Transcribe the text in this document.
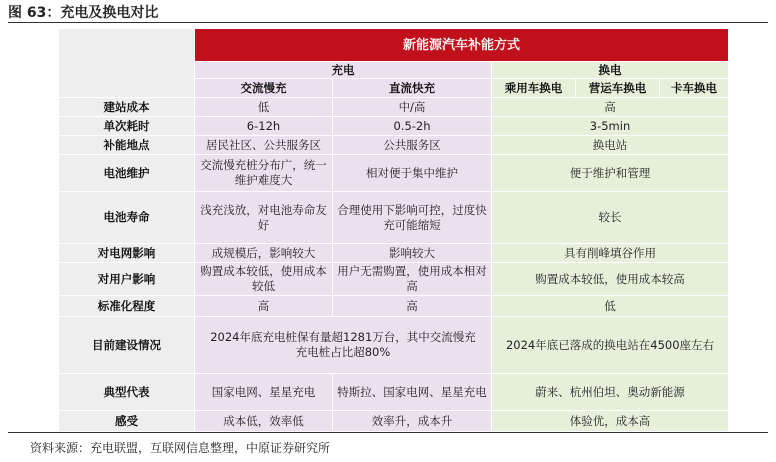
图 63：充电及换电对比
	新能源汽车补能方式				
	充电		换电		
	交流慢充	直流快充	乘用车换电	营运车换电	卡车换电
建站成本	低	中/高	高		
单次耗时	6-12h	0.5-2h	3-5min		
补能地点	居民社区、公共服务区	公共服务区	换电站		
电池维护	交流慢充桩分布广，统一维护难度大	相对便于集中维护	便于维护和管理		
电池寿命	浅充浅放，对电池寿命友好	合理使用下影响可控，过度快充可能缩短	较长		
对电网影响	成规模后，影响较大	影响较大	具有削峰填谷作用		
对用户影响	购置成本较低，使用成本较低	用户无需购置，使用成本相对高	购置成本较低，使用成本较高		
标准化程度	高	高	低		
目前建设情况	2024年底充电桩保有量超1281万台，其中交流慢充充电桩占比超80%		2024年底已落成的换电站在4500座左右		
典型代表	国家电网、星星充电	特斯拉、国家电网、星星充电	蔚来、杭州伯坦、奥动新能源		
感受	成本低，效率低	效率升，成本升	体验优，成本高		
资料来源：充电联盟，互联网信息整理，中原证券研究所
